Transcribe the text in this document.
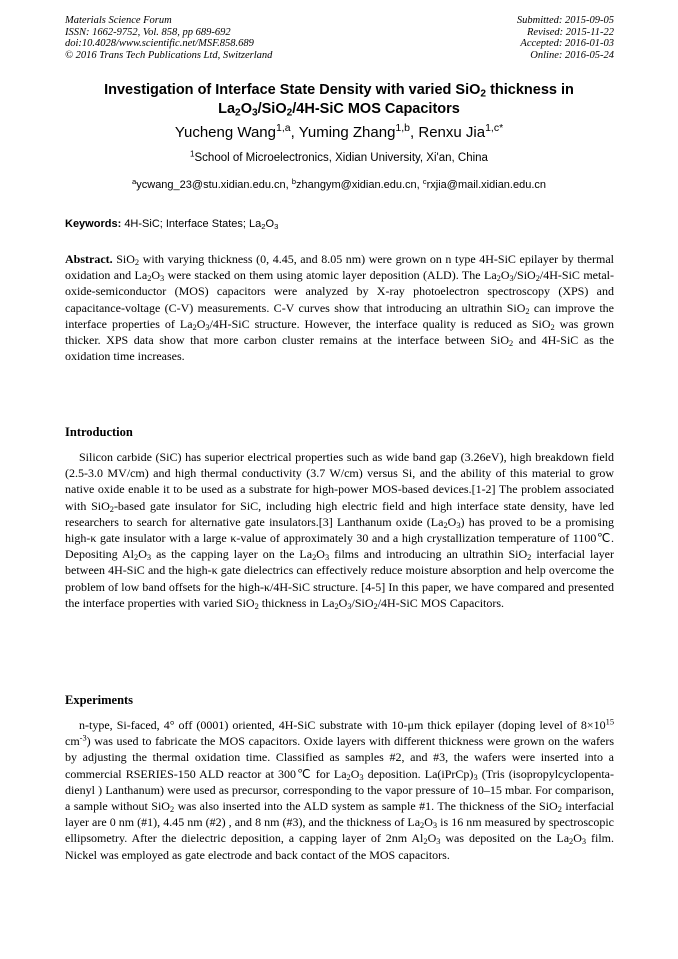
Materials Science Forum
ISSN: 1662-9752, Vol. 858, pp 689-692
doi:10.4028/www.scientific.net/MSF.858.689
© 2016 Trans Tech Publications Ltd, Switzerland
Submitted: 2015-09-05
Revised: 2015-11-22
Accepted: 2016-01-03
Online: 2016-05-24
Investigation of Interface State Density with varied SiO$_2$ thickness in
$La_2O_3/SiO_2/4H$-SiC MOS Capacitors
Yucheng Wang$^{1,a}$, Yuming Zhang$^{1,b}$, Renxu Jia$^{1,c*}$
$^1$School of Microelectronics, Xidian University, Xi'an, China
$^a$ycwang_23@stu.xidian.edu.cn, $^b$zhangym@xidian.edu.cn, $^c$rxjia@mail.xidian.edu.cn
Keywords: 4H-SiC; Interface States; $La_2O_3$
Abstract. SiO$_2$ with varying thickness (0, 4.45, and 8.05 nm) were grown on n type 4H-SiC epilayer by thermal oxidation and $La_2O_3$ were stacked on them using atomic layer deposition (ALD). The $La_2O_3/SiO_2/4H$-SiC metal-oxide-semiconductor (MOS) capacitors were analyzed by X-ray photoelectron spectroscopy (XPS) and capacitance-voltage (C-V) measurements. C-V curves show that introducing an ultrathin SiO$_2$ can improve the interface properties of $La_2O_3/4H$-SiC structure. However, the interface quality is reduced as SiO$_2$ was grown thicker. XPS data show that more carbon cluster remains at the interface between SiO$_2$ and 4H-SiC as the oxidation time increases.
Introduction
Silicon carbide (SiC) has superior electrical properties such as wide band gap (3.26eV), high breakdown field (2.5-3.0 MV/cm) and high thermal conductivity (3.7 W/cm) versus Si, and the ability of this material to grow native oxide enable it to be used as a substrate for high-power MOS-based devices.[1-2] The problem associated with SiO$_2$-based gate insulator for SiC, including high electric field and high interface state density, have led researchers to search for alternative gate insulators.[3] Lanthanum oxide $(La_2O_3)$ has proved to be a promising high-κ gate insulator with a large κ-value of approximately 30 and a high crystallization temperature of 1100℃. Depositing $Al_2O_3$ as the capping layer on the $La_2O_3$ films and introducing an ultrathin SiO$_2$ interfacial layer between 4H-SiC and the high-κ gate dielectrics can effectively reduce moisture absorption and help overcome the problem of low band offsets for the high-κ/4H-SiC structure. [4-5] In this paper, we have compared and presented the interface properties with varied SiO$_2$ thickness in $La_2O_3/SiO_2/4H$-SiC MOS Capacitors.
Experiments
n-type, Si-faced, 4° off (0001) oriented, 4H-SiC substrate with 10-μm thick epilayer (doping level of $8\times 10^{15}$ $cm^{-3}$) was used to fabricate the MOS capacitors. Oxide layers with different thickness were grown on the wafers by adjusting the thermal oxidation time. Classified as samples #2, and #3, the wafers were inserted into a commercial RSERIES-150 ALD reactor at 300℃ for $La_2O_3$ deposition. $La(iPrCp)_3$ (Tris (isopropylcyclopenta-dienyl ) Lanthanum) were used as precursor, corresponding to the vapor pressure of 10–15 mbar. For comparison, a sample without SiO$_2$ was also inserted into the ALD system as sample #1. The thickness of the SiO$_2$ interfacial layer are 0 nm (#1), 4.45 nm (#2) , and 8 nm (#3), and the thickness of $La_2O_3$ is 16 nm measured by spectroscopic ellipsometry. After the dielectric deposition, a capping layer of 2nm $Al_2O_3$ was deposited on the $La_2O_3$ film. Nickel was employed as gate electrode and back contact of the MOS capacitors.
